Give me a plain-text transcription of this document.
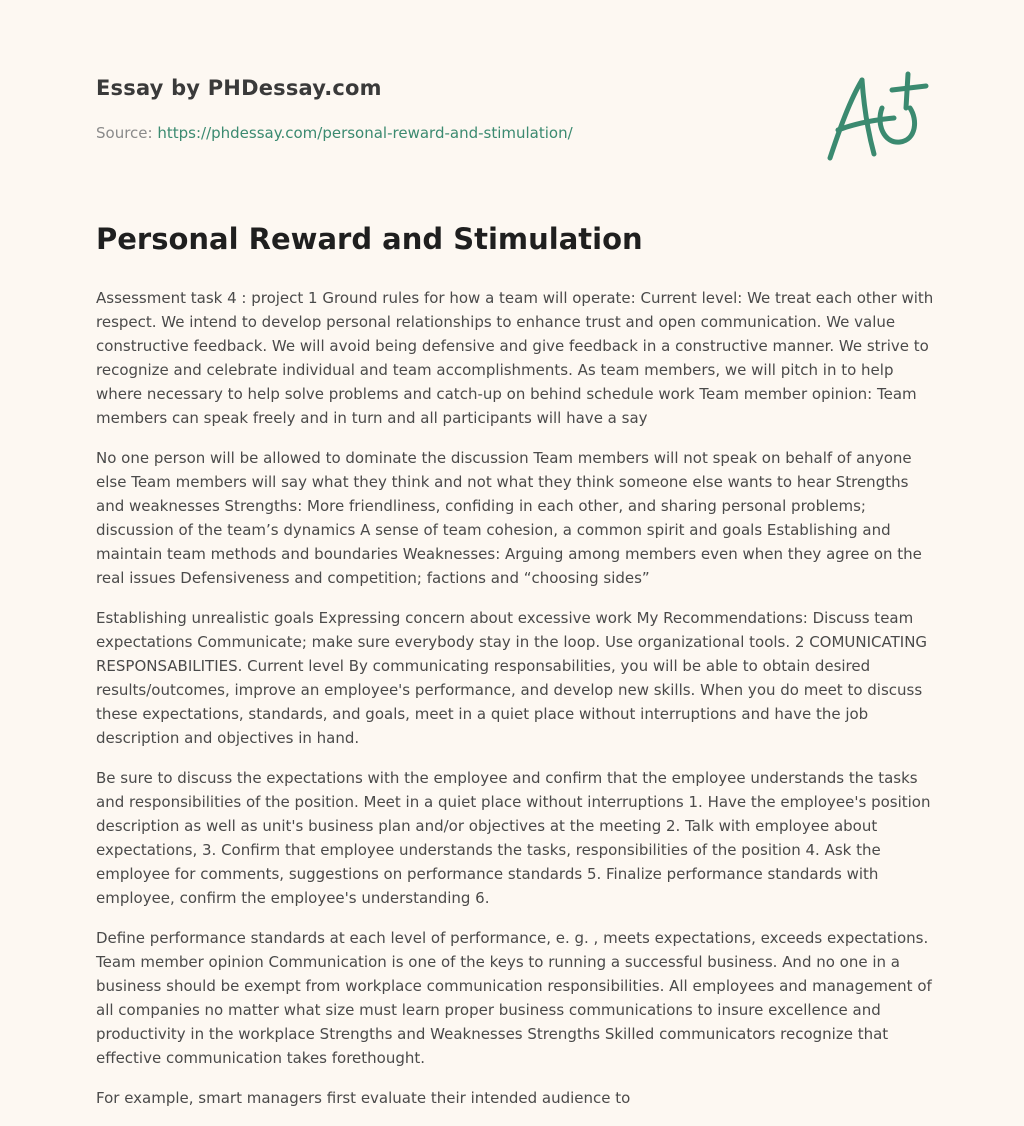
Essay by PHDessay.com
Source: https://phdessay.com/personal-reward-and-stimulation/
Personal Reward and Stimulation

Assessment task 4 : project 1 Ground rules for how a team will operate: Current level: We treat each other with respect. We intend to develop personal relationships to enhance trust and open communication. We value constructive feedback. We will avoid being defensive and give feedback in a constructive manner. We strive to recognize and celebrate individual and team accomplishments. As team members, we will pitch in to help where necessary to help solve problems and catch-up on behind schedule work Team member opinion: Team members can speak freely and in turn and all participants will have a say

No one person will be allowed to dominate the discussion Team members will not speak on behalf of anyone else Team members will say what they think and not what they think someone else wants to hear Strengths and weaknesses Strengths: More friendliness, confiding in each other, and sharing personal problems; discussion of the team’s dynamics A sense of team cohesion, a common spirit and goals Establishing and maintain team methods and boundaries Weaknesses: Arguing among members even when they agree on the real issues Defensiveness and competition; factions and “choosing sides”

Establishing unrealistic goals Expressing concern about excessive work My Recommendations: Discuss team expectations Communicate; make sure everybody stay in the loop. Use organizational tools. 2 COMUNICATING RESPONSABILITIES. Current level By communicating responsabilities, you will be able to obtain desired results/outcomes, improve an employee's performance, and develop new skills. When you do meet to discuss these expectations, standards, and goals, meet in a quiet place without interruptions and have the job description and objectives in hand.

Be sure to discuss the expectations with the employee and confirm that the employee understands the tasks and responsibilities of the position. Meet in a quiet place without interruptions 1. Have the employee's position description as well as unit's business plan and/or objectives at the meeting 2. Talk with employee about expectations, 3. Confirm that employee understands the tasks, responsibilities of the position 4. Ask the employee for comments, suggestions on performance standards 5. Finalize performance standards with employee, confirm the employee's understanding 6.

Define performance standards at each level of performance, e. g. , meets expectations, exceeds expectations. Team member opinion Communication is one of the keys to running a successful business. And no one in a business should be exempt from workplace communication responsibilities. All employees and management of all companies no matter what size must learn proper business communications to insure excellence and productivity in the workplace Strengths and Weaknesses Strengths Skilled communicators recognize that effective communication takes forethought.

For example, smart managers first evaluate their intended audience to
